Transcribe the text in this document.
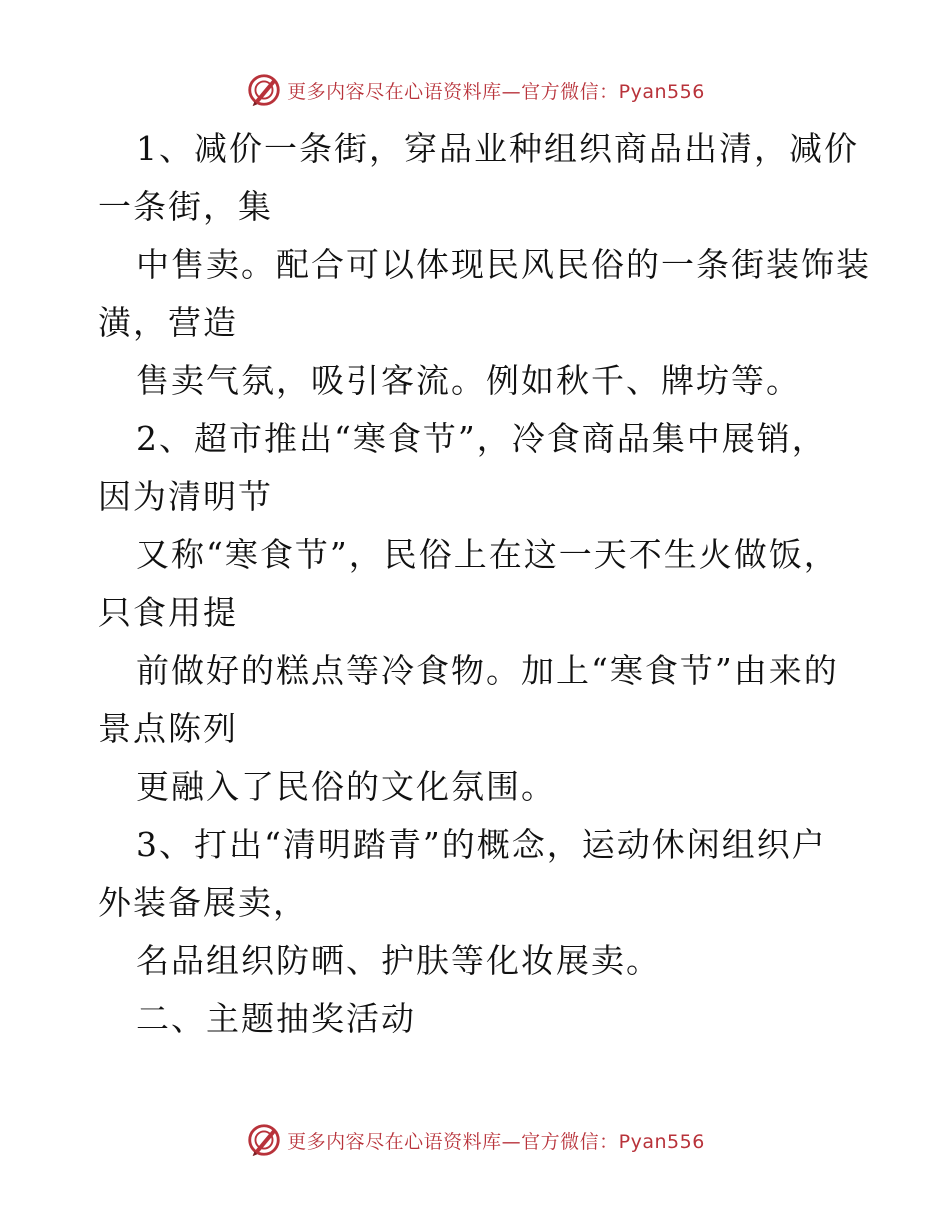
更多内容尽在心语资料库—官方微信：Pyan556
1、减价一条街，穿品业种组织商品出清，减价
一条街，集
中售卖。配合可以体现民风民俗的一条街装饰装
潢，营造
售卖气氛，吸引客流。例如秋千、牌坊等。
2、超市推出“寒食节”，冷食商品集中展销，
因为清明节
又称“寒食节”，民俗上在这一天不生火做饭，
只食用提
前做好的糕点等冷食物。加上“寒食节”由来的
景点陈列
更融入了民俗的文化氛围。
3、打出“清明踏青”的概念，运动休闲组织户
外装备展卖，
名品组织防晒、护肤等化妆展卖。
二、主题抽奖活动
更多内容尽在心语资料库—官方微信：Pyan556
